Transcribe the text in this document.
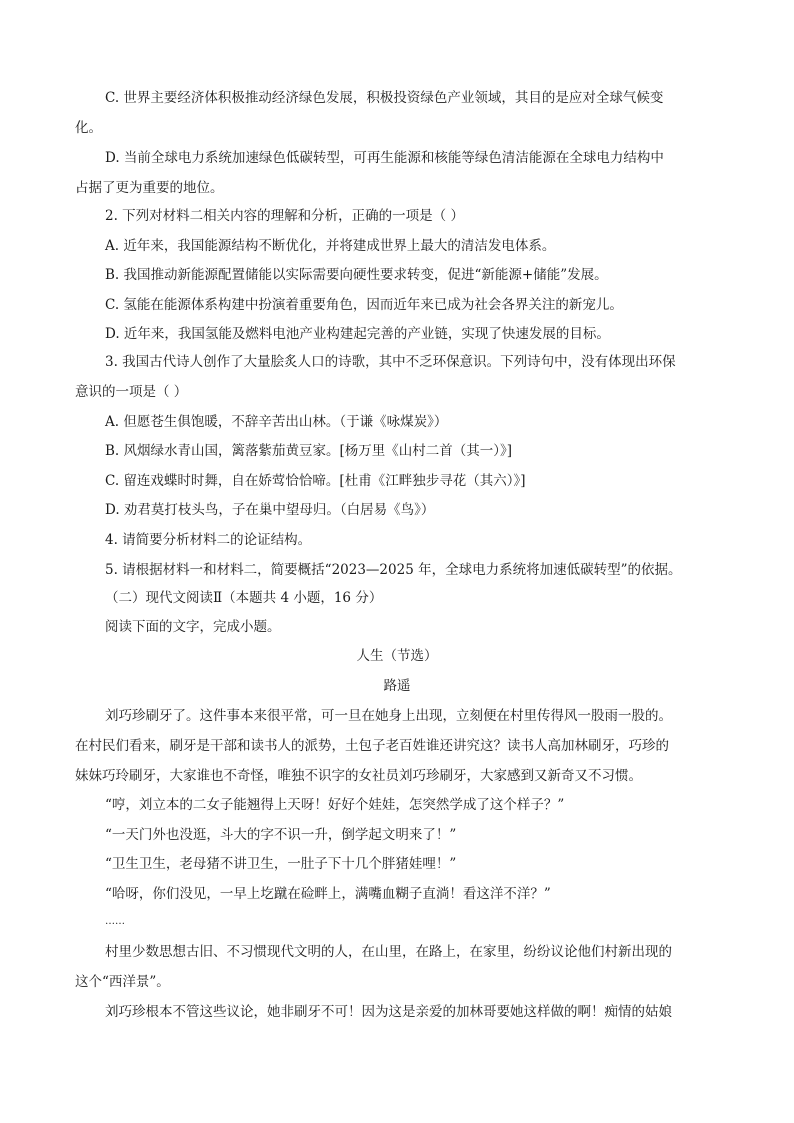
C. 世界主要经济体积极推动经济绿色发展，积极投资绿色产业领域，其目的是应对全球气候变
化。
D. 当前全球电力系统加速绿色低碳转型，可再生能源和核能等绿色清洁能源在全球电力结构中
占据了更为重要的地位。
2. 下列对材料二相关内容的理解和分析，正确的一项是（ ）
A. 近年来，我国能源结构不断优化，并将建成世界上最大的清洁发电体系。
B. 我国推动新能源配置储能以实际需要向硬性要求转变，促进“新能源+储能”发展。
C. 氢能在能源体系构建中扮演着重要角色，因而近年来已成为社会各界关注的新宠儿。
D. 近年来，我国氢能及燃料电池产业构建起完善的产业链，实现了快速发展的目标。
3. 我国古代诗人创作了大量脍炙人口的诗歌，其中不乏环保意识。下列诗句中，没有体现出环保
意识的一项是（ ）
A. 但愿苍生俱饱暖，不辞辛苦出山林。（于谦《咏煤炭》）
B. 风烟绿水青山国，篱落紫茄黄豆家。[杨万里《山村二首（其一）》]
C. 留连戏蝶时时舞，自在娇莺恰恰啼。[杜甫《江畔独步寻花（其六）》]
D. 劝君莫打枝头鸟，子在巢中望母归。（白居易《鸟》）
4. 请简要分析材料二的论证结构。
5. 请根据材料一和材料二，简要概括“2023—2025 年，全球电力系统将加速低碳转型”的依据。
（二）现代文阅读Ⅱ（本题共 4 小题，16 分）
阅读下面的文字，完成小题。
人生（节选）
路遥
刘巧珍刷牙了。这件事本来很平常，可一旦在她身上出现，立刻便在村里传得风一股雨一股的。
在村民们看来，刷牙是干部和读书人的派势，土包子老百姓谁还讲究这？读书人高加林刷牙，巧珍的
妹妹巧玲刷牙，大家谁也不奇怪，唯独不识字的女社员刘巧珍刷牙，大家感到又新奇又不习惯。
“哼，刘立本的二女子能翘得上天呀！好好个娃娃，怎突然学成了这个样子？”
“一天门外也没逛，斗大的字不识一升，倒学起文明来了！”
“卫生卫生，老母猪不讲卫生，一肚子下十几个胖猪娃哩！”
“哈呀，你们没见，一早上圪蹴在硷畔上，满嘴血糊子直淌！看这洋不洋？”
……
村里少数思想古旧、不习惯现代文明的人，在山里，在路上，在家里，纷纷议论他们村新出现的
这个“西洋景”。
刘巧珍根本不管这些议论，她非刷牙不可！因为这是亲爱的加林哥要她这样做的啊！痴情的姑娘
